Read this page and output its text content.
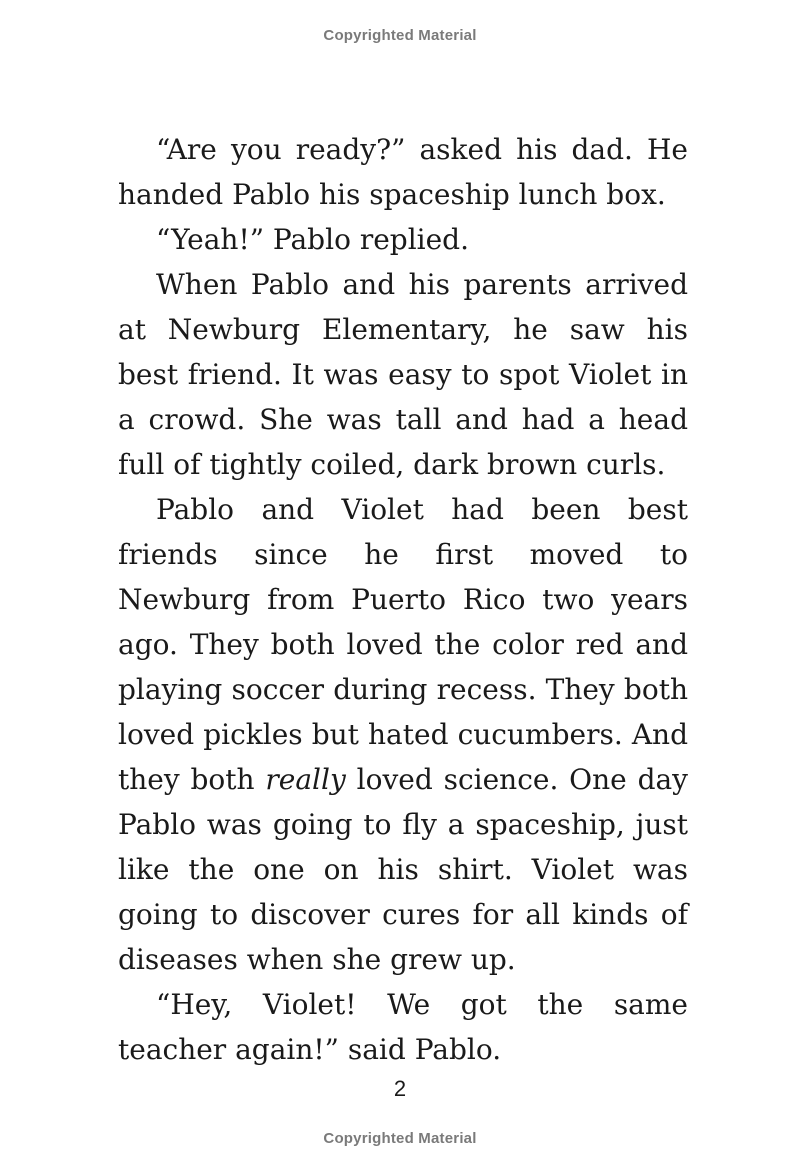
Copyrighted Material

“Are you ready?” asked his dad. He handed Pablo his spaceship lunch box.

“Yeah!” Pablo replied.

When Pablo and his parents arrived at Newburg Elementary, he saw his best friend. It was easy to spot Violet in a crowd. She was tall and had a head full of tightly coiled, dark brown curls.

Pablo and Violet had been best friends since he first moved to Newburg from Puerto Rico two years ago. They both loved the color red and playing soccer during recess. They both loved pickles but hated cucumbers. And they both really loved science. One day Pablo was going to fly a spaceship, just like the one on his shirt. Violet was going to discover cures for all kinds of diseases when she grew up.

“Hey, Violet! We got the same teacher again!” said Pablo.

2
Copyrighted Material
